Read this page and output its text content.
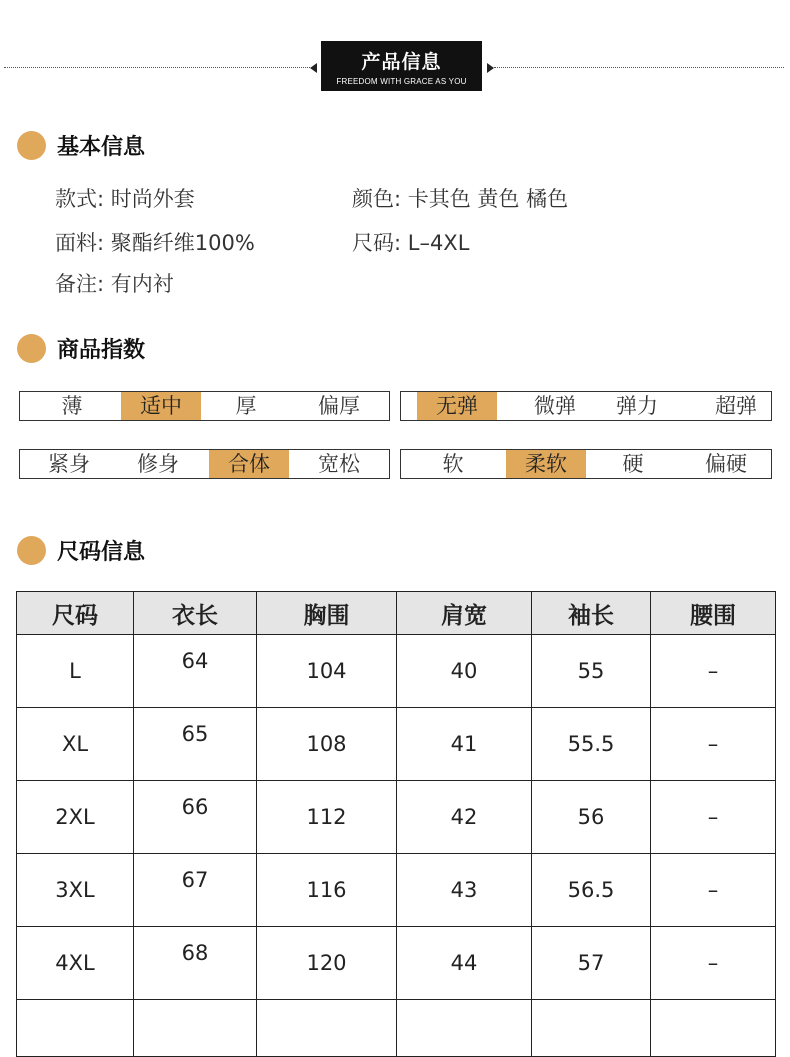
产品信息
FREEDOM WITH GRACE AS YOU
基本信息
款式: 时尚外套	颜色: 卡其色 黄色 橘色
面料: 聚酯纤维100%	尺码: L–4XL
备注: 有内衬
商品指数
薄	适中	厚	偏厚	无弹	微弹	弹力	超弹
紧身	修身	合体	宽松	软	柔软	硬	偏硬
尺码信息
尺码	衣长	胸围	肩宽	袖长	腰围
L	64	104	40	55	–
XL	65	108	41	55.5	–
2XL	66	112	42	56	–
3XL	67	116	43	56.5	–
4XL	68	120	44	57	–
